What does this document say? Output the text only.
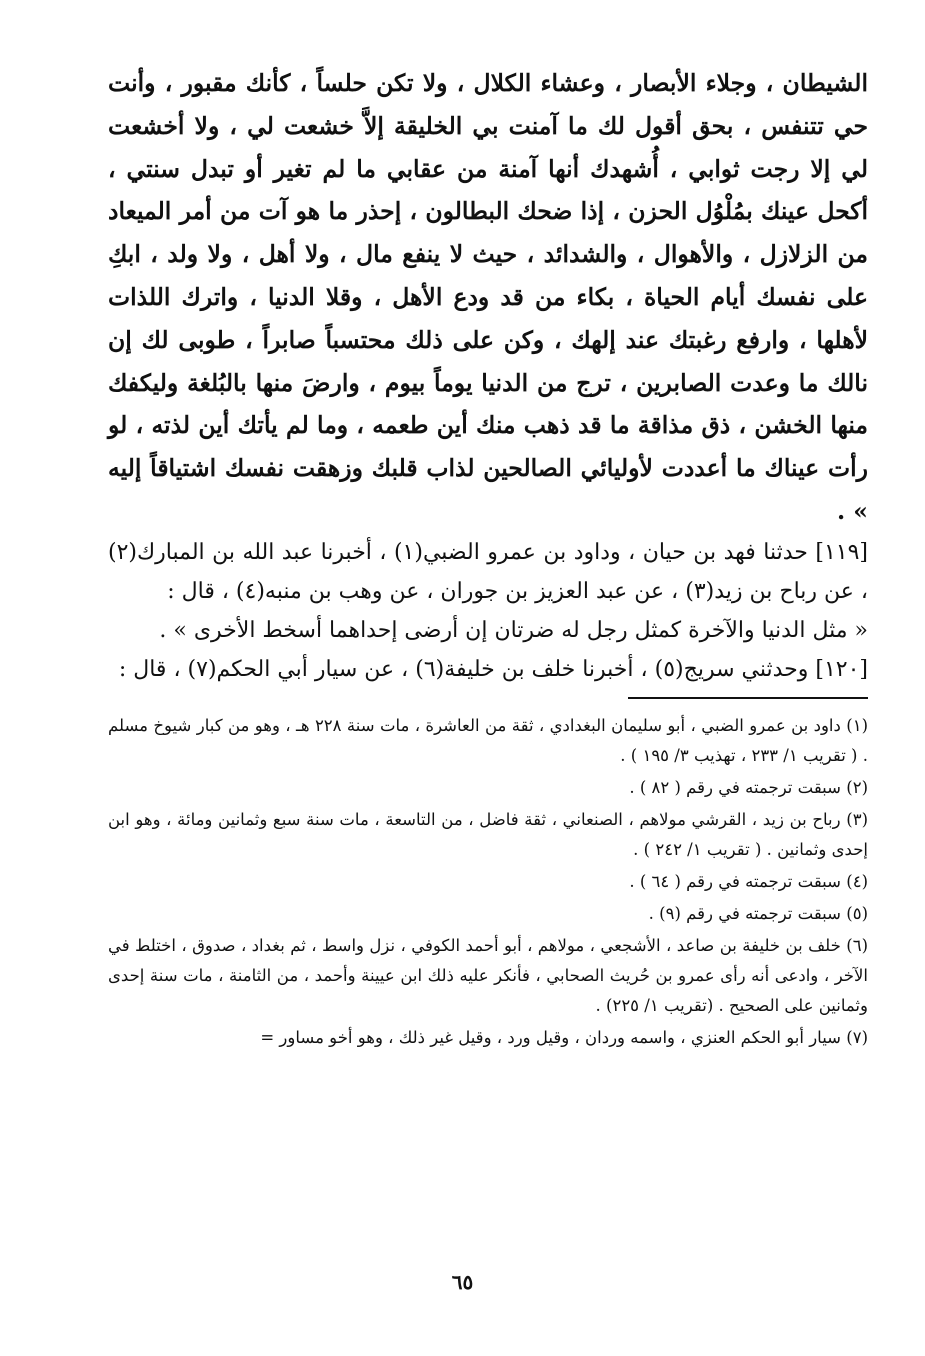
الشيطان ، وجلاء الأبصار ، وعشاء الكلال ، ولا تكن حلساً ، كأنك مقبور ، وأنت حي تتنفس ، بحق أقول لك ما آمنت بي الخليقة إلاَّ خشعت لي ، ولا أخشعت لي إلا رجت ثوابي ، أُشهدك أنها آمنة من عقابي ما لم تغير أو تبدل سنتي ، أكحل عينك بمُلْوُل الحزن ، إذا ضحك البطالون ، إحذر ما هو آت من أمر الميعاد من الزلازل ، والأهوال ، والشدائد ، حيث لا ينفع مال ، ولا أهل ، ولا ولد ، ابكِ على نفسك أيام الحياة ، بكاء من قد ودع الأهل ، وقلا الدنيا ، واترك اللذات لأهلها ، وارفع رغبتك عند إلهك ، وكن على ذلك محتسباً صابراً ، طوبى لك إن نالك ما وعدت الصابرين ، ترج من الدنيا يوماً بيوم ، وارضَ منها بالبُلغة وليكفك منها الخشن ، ذق مذاقة ما قد ذهب منك أين طعمه ، وما لم يأتك أين لذته ، لو رأت عيناك ما أعددت لأوليائي الصالحين لذاب قلبك وزهقت نفسك اشتياقاً إليه » .

[١١٩] حدثنا فهد بن حيان ، وداود بن عمرو الضبي(١) ، أخبرنا عبد الله بن المبارك(٢) ، عن رباح بن زيد(٣) ، عن عبد العزيز بن جوران ، عن وهب بن منبه(٤) ، قال :

« مثل الدنيا والآخرة كمثل رجل له ضرتان إن أرضى إحداهما أسخط الأخرى » .

[١٢٠] وحدثني سريج(٥) ، أخبرنا خلف بن خليفة(٦) ، عن سيار أبي الحكم(٧) ، قال :

(١) داود بن عمرو الضبي ، أبو سليمان البغدادي ، ثقة من العاشرة ، مات سنة ٢٢٨ هـ ، وهو من كبار شيوخ مسلم . ( تقريب ١/ ٢٣٣ ، تهذيب ٣/ ١٩٥ ) .

(٢) سبقت ترجمته في رقم ( ٨٢ ) .

(٣) رباح بن زيد ، القرشي مولاهم ، الصنعاني ، ثقة فاضل ، من التاسعة ، مات سنة سبع وثمانين ومائة ، وهو ابن إحدى وثمانين . ( تقريب ١/ ٢٤٢ ) .

(٤) سبقت ترجمته في رقم ( ٦٤ ) .

(٥) سبقت ترجمته في رقم (٩) .

(٦) خلف بن خليفة بن صاعد ، الأشجعي ، مولاهم ، أبو أحمد الكوفي ، نزل واسط ، ثم بغداد ، صدوق ، اختلط في الآخر ، وادعى أنه رأى عمرو بن حُريث الصحابي ، فأنكر عليه ذلك ابن عيينة وأحمد ، من الثامنة ، مات سنة إحدى وثمانين على الصحيح . (تقريب ١/ ٢٢٥) .

(٧) سيار أبو الحكم العنزي ، واسمه وردان ، وقيل ورد ، وقيل غير ذلك ، وهو أخو مساور =

٦٥
